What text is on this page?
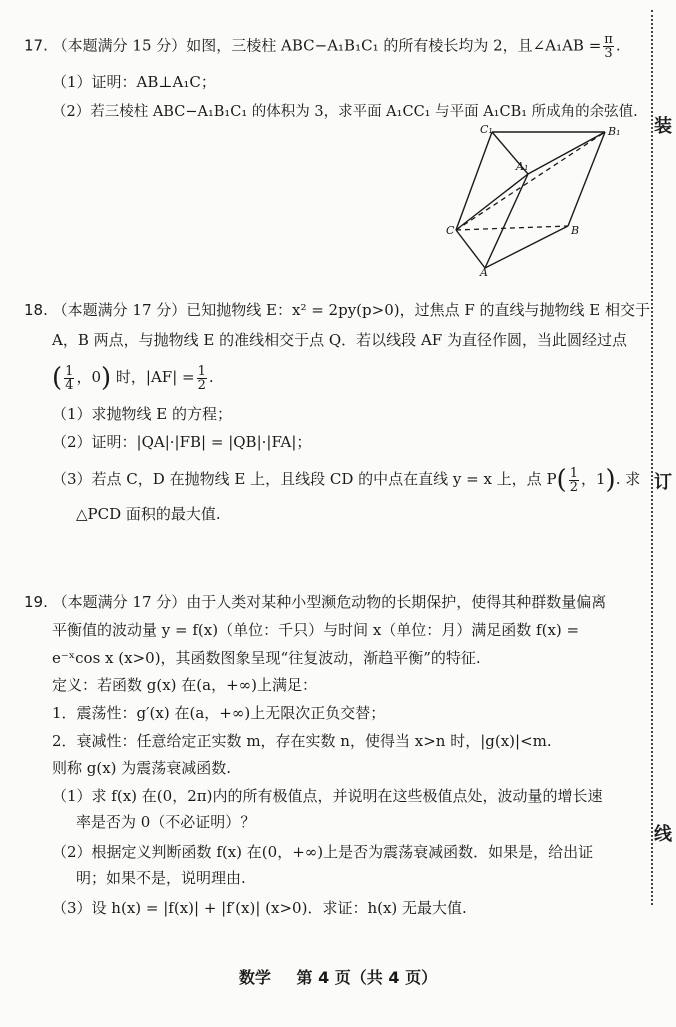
装
订
线
17. （本题满分 15 分）如图，三棱柱 ABC−A₁B₁C₁ 的所有棱长均为 2，且∠A₁AB = $\frac{\pi}{3}$ .
（1）证明：AB⊥A₁C；
（2）若三棱柱 ABC−A₁B₁C₁ 的体积为 3，求平面 A₁CC₁ 与平面 A₁CB₁ 所成角的余弦值.
C₁	B₁
A₁
C	B
A
18. （本题满分 17 分）已知抛物线 E：x² = 2py(p>0)，过焦点 F 的直线与抛物线 E 相交于
A，B 两点，与抛物线 E 的准线相交于点 Q．若以线段 AF 为直径作圆，当此圆经过点
( $\frac{1}{4}$ ，0) 时，$|AF| = \frac{1}{2}$ .
（1）求抛物线 E 的方程；
（2）证明：|QA|·|FB| = |QB|·|FA|；
（3）若点 C，D 在抛物线 E 上，且线段 CD 的中点在直线 y = x 上，点 $P( \frac{1}{2}$ ，1). 求
△PCD 面积的最大值.
19. （本题满分 17 分）由于人类对某种小型濒危动物的长期保护，使得其种群数量偏离
平衡值的波动量 y = f(x)（单位：千只）与时间 x（单位：月）满足函数 f(x) =
e⁻ˣcos x (x>0)，其函数图象呈现“往复波动，渐趋平衡”的特征.
定义：若函数 g(x) 在(a，+∞)上满足：
1．震荡性：g′(x) 在(a，+∞)上无限次正负交替；
2．衰减性：任意给定正实数 m，存在实数 n，使得当 x>n 时，|g(x)|<m.
则称 g(x) 为震荡衰减函数.
（1）求 f(x) 在(0，2π)内的所有极值点，并说明在这些极值点处，波动量的增长速
率是否为 0（不必证明）？
（2）根据定义判断函数 f(x) 在(0，+∞)上是否为震荡衰减函数．如果是，给出证
明；如果不是，说明理由.
（3）设 h(x) = |f(x)| + |f′(x)| (x>0)．求证：h(x) 无最大值.
数学 第 4 页（共 4 页）
